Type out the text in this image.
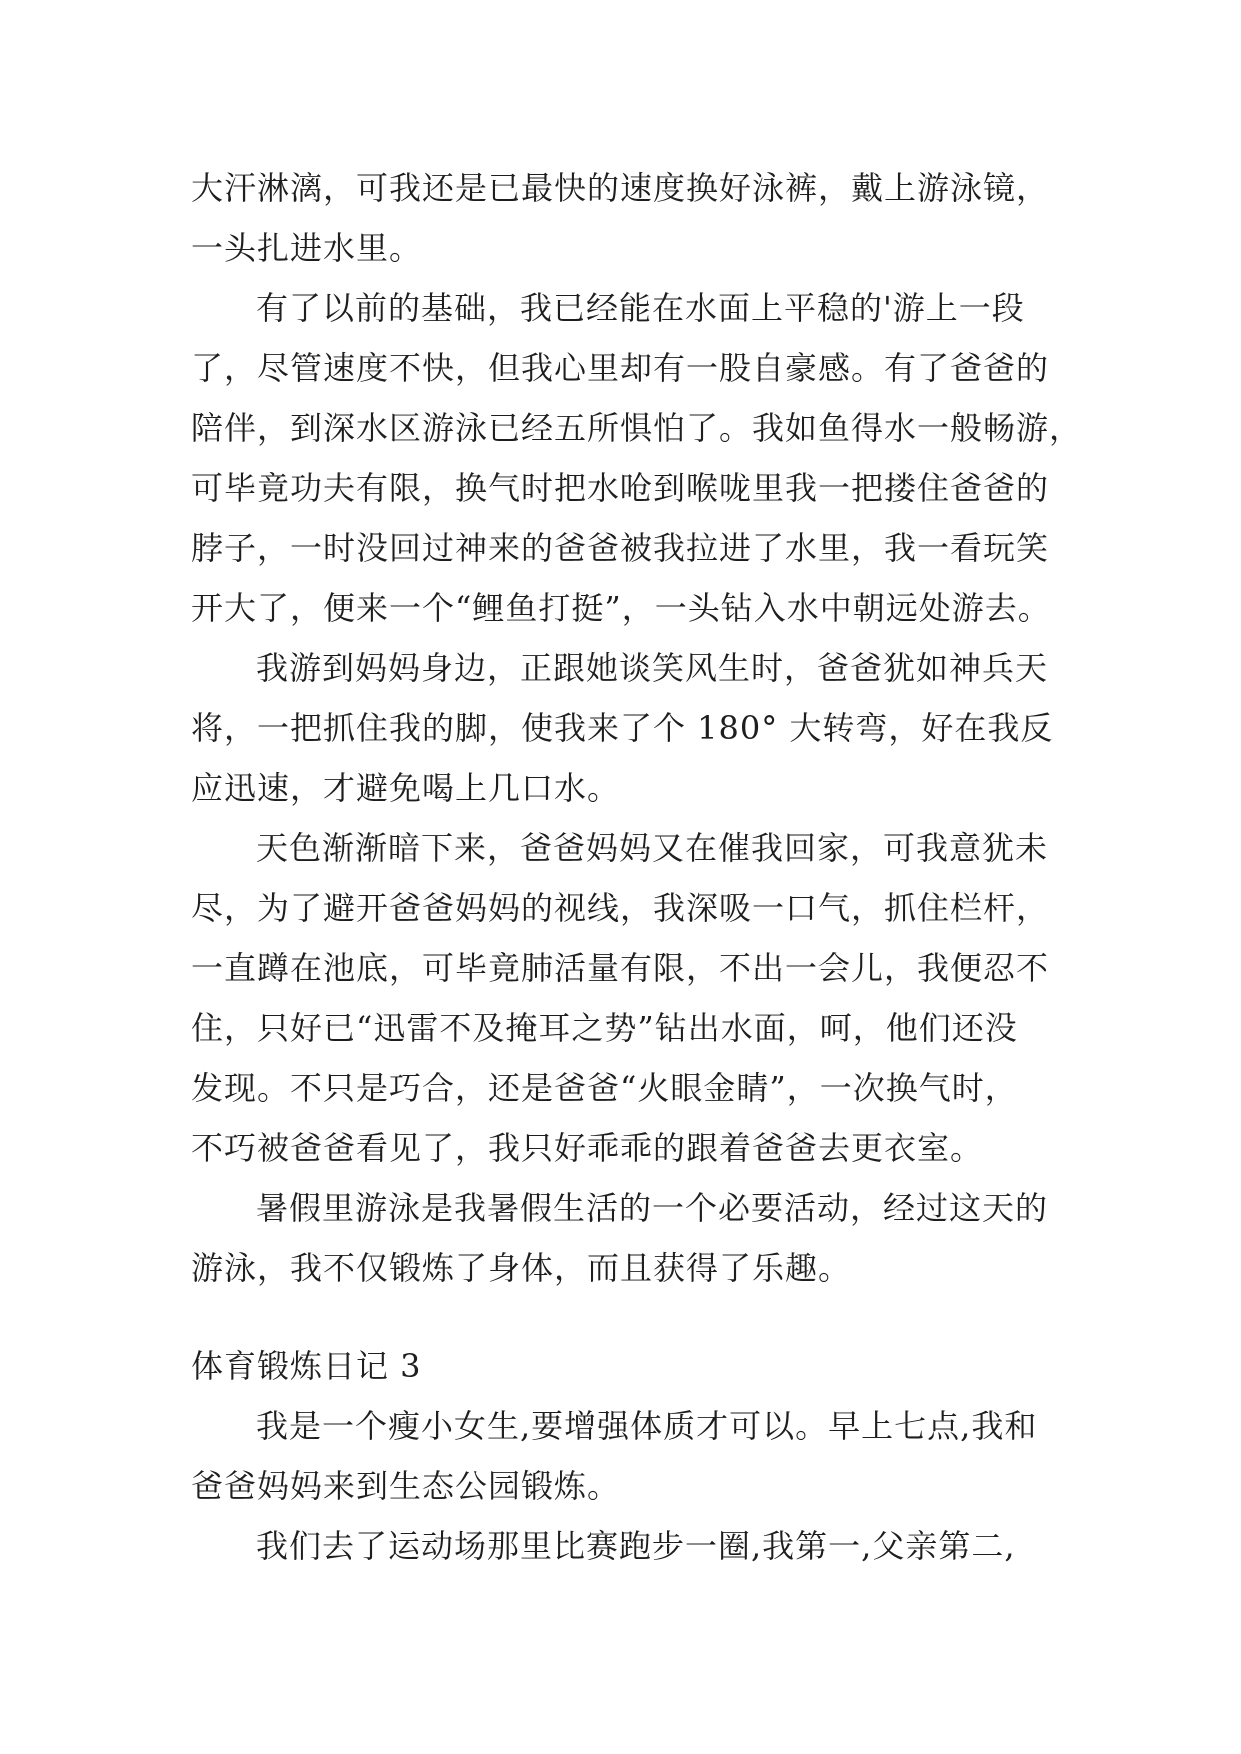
大汗淋漓，可我还是已最快的速度换好泳裤，戴上游泳镜，
一头扎进水里。
有了以前的基础，我已经能在水面上平稳的'游上一段
了，尽管速度不快，但我心里却有一股自豪感。有了爸爸的
陪伴，到深水区游泳已经五所惧怕了。我如鱼得水一般畅游，
可毕竟功夫有限，换气时把水呛到喉咙里我一把搂住爸爸的
脖子，一时没回过神来的爸爸被我拉进了水里，我一看玩笑
开大了，便来一个“鲤鱼打挺”，一头钻入水中朝远处游去。
我游到妈妈身边，正跟她谈笑风生时，爸爸犹如神兵天
将，一把抓住我的脚，使我来了个 180° 大转弯，好在我反
应迅速，才避免喝上几口水。
天色渐渐暗下来，爸爸妈妈又在催我回家，可我意犹未
尽，为了避开爸爸妈妈的视线，我深吸一口气，抓住栏杆，
一直蹲在池底，可毕竟肺活量有限，不出一会儿，我便忍不
住，只好已“迅雷不及掩耳之势”钻出水面，呵，他们还没
发现。不只是巧合，还是爸爸“火眼金睛”，一次换气时，
不巧被爸爸看见了，我只好乖乖的跟着爸爸去更衣室。
暑假里游泳是我暑假生活的一个必要活动，经过这天的
游泳，我不仅锻炼了身体，而且获得了乐趣。
体育锻炼日记 3
我是一个瘦小女生,要增强体质才可以。早上七点,我和
爸爸妈妈来到生态公园锻炼。
我们去了运动场那里比赛跑步一圈,我第一,父亲第二,
